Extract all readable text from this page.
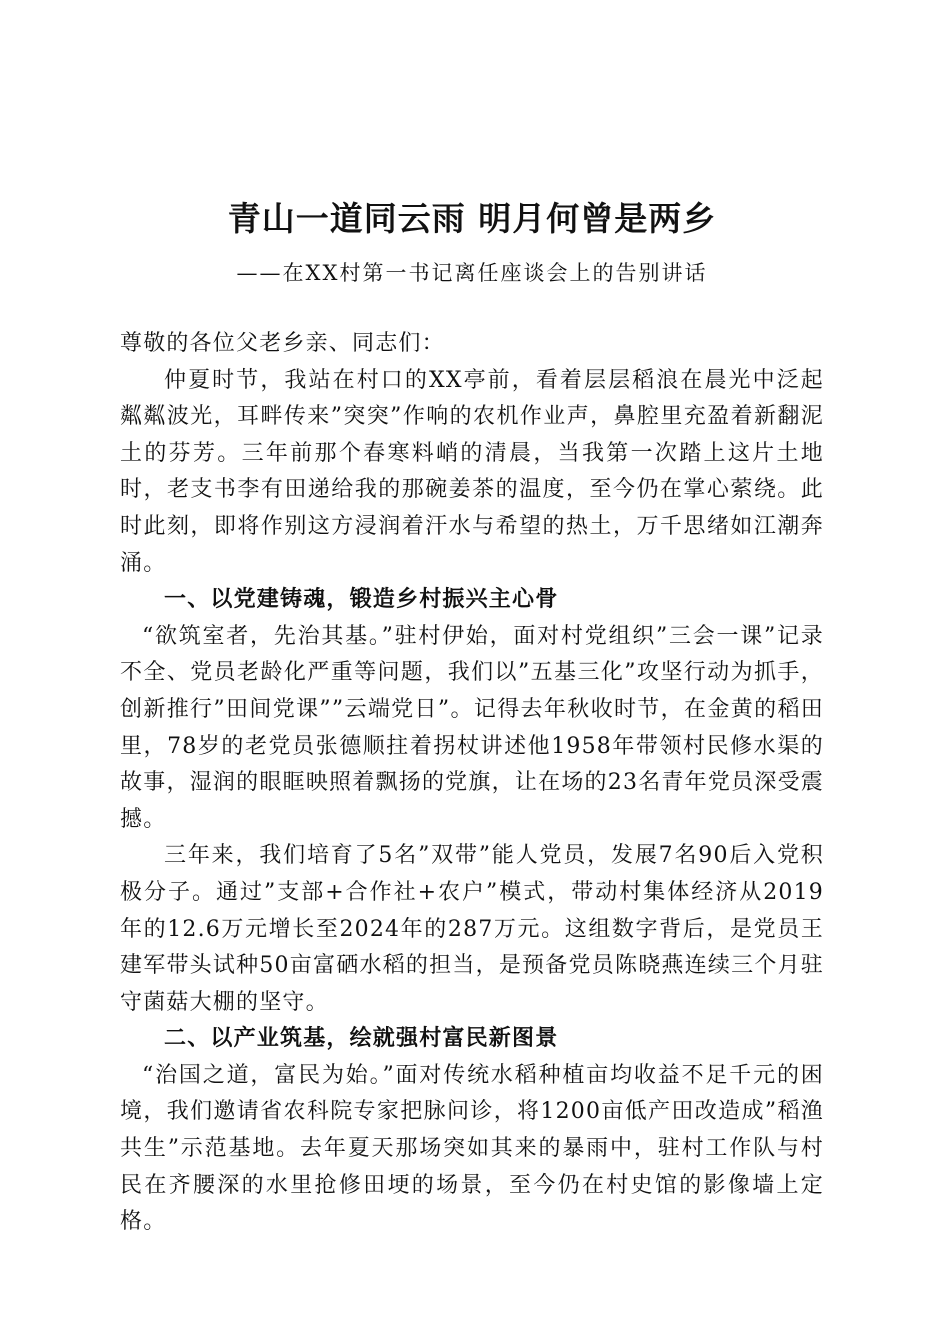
青山一道同云雨 明月何曾是两乡
——在XX村第一书记离任座谈会上的告别讲话

尊敬的各位父老乡亲、同志们：

仲夏时节，我站在村口的XX亭前，看着层层稻浪在晨光中泛起粼粼波光，耳畔传来”突突”作响的农机作业声，鼻腔里充盈着新翻泥土的芬芳。三年前那个春寒料峭的清晨，当我第一次踏上这片土地时，老支书李有田递给我的那碗姜茶的温度，至今仍在掌心萦绕。此时此刻，即将作别这方浸润着汗水与希望的热土，万千思绪如江潮奔涌。

一、以党建铸魂，锻造乡村振兴主心骨

“欲筑室者，先治其基。”驻村伊始，面对村党组织”三会一课”记录不全、党员老龄化严重等问题，我们以”五基三化”攻坚行动为抓手，创新推行”田间党课””云端党日”。记得去年秋收时节，在金黄的稻田里，78岁的老党员张德顺拄着拐杖讲述他1958年带领村民修水渠的故事，湿润的眼眶映照着飘扬的党旗，让在场的23名青年党员深受震撼。

三年来，我们培育了5名”双带”能人党员，发展7名90后入党积极分子。通过”支部+合作社+农户”模式，带动村集体经济从2019年的12.6万元增长至2024年的287万元。这组数字背后，是党员王建军带头试种50亩富硒水稻的担当，是预备党员陈晓燕连续三个月驻守菌菇大棚的坚守。

二、以产业筑基，绘就强村富民新图景

“治国之道，富民为始。”面对传统水稻种植亩均收益不足千元的困境，我们邀请省农科院专家把脉问诊，将1200亩低产田改造成”稻渔共生”示范基地。去年夏天那场突如其来的暴雨中，驻村工作队与村民在齐腰深的水里抢修田埂的场景，至今仍在村史馆的影像墙上定格。
